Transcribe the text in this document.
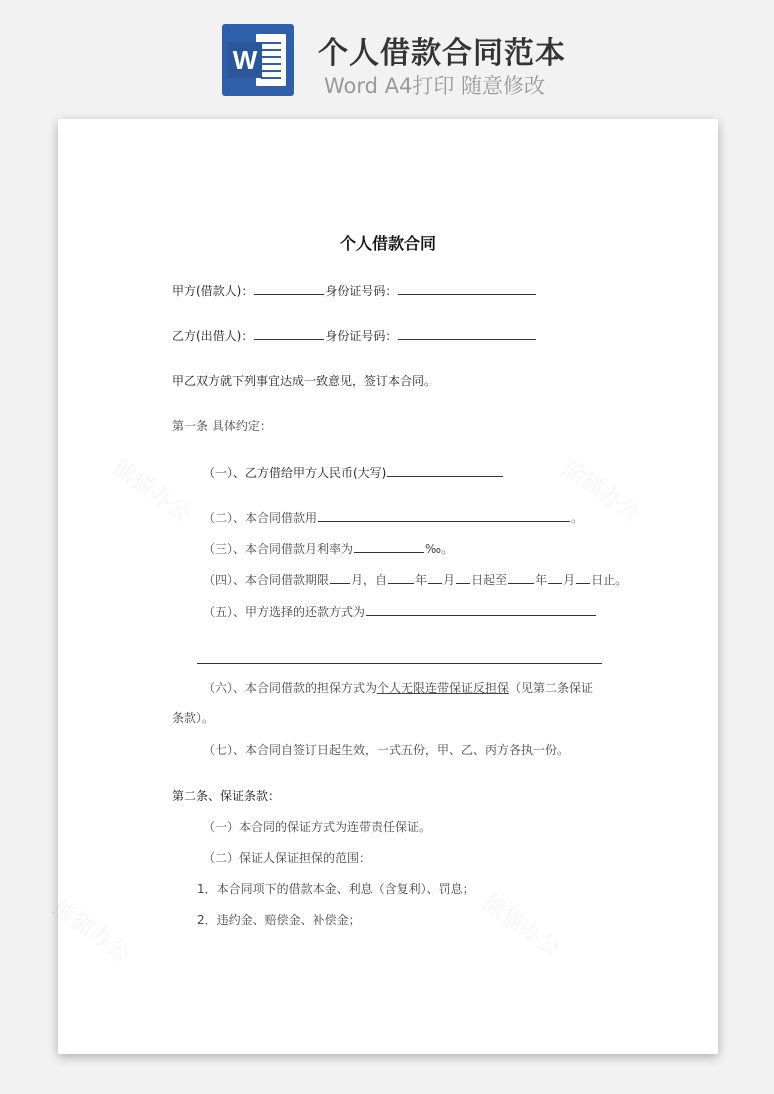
W 个人借款合同范本
Word A4打印 随意修改
个人借款合同
甲方(借款人)：	身份证号码：
乙方(出借人)：	身份证号码：
甲乙双方就下列事宜达成一致意见，签订本合同。
第一条 具体约定：
（一）、乙方借给甲方人民币(大写)
（二）、本合同借款用	。
（三）、本合同借款月利率为	‰。
（四）、本合同借款期限 月，自 年 月 日起至 年 月 日止。
（五）、甲方选择的还款方式为
（六）、本合同借款的担保方式为个人无限连带保证反担保（见第二条保证
条款）。
（七）、本合同自签订日起生效，一式五份，甲、乙、丙方各执一份。
第二条、保证条款：
（一）本合同的保证方式为连带责任保证。
（二）保证人保证担保的范围：
1．本合同项下的借款本金、利息（含复利）、罚息；
2．违约金、赔偿金、补偿金；
